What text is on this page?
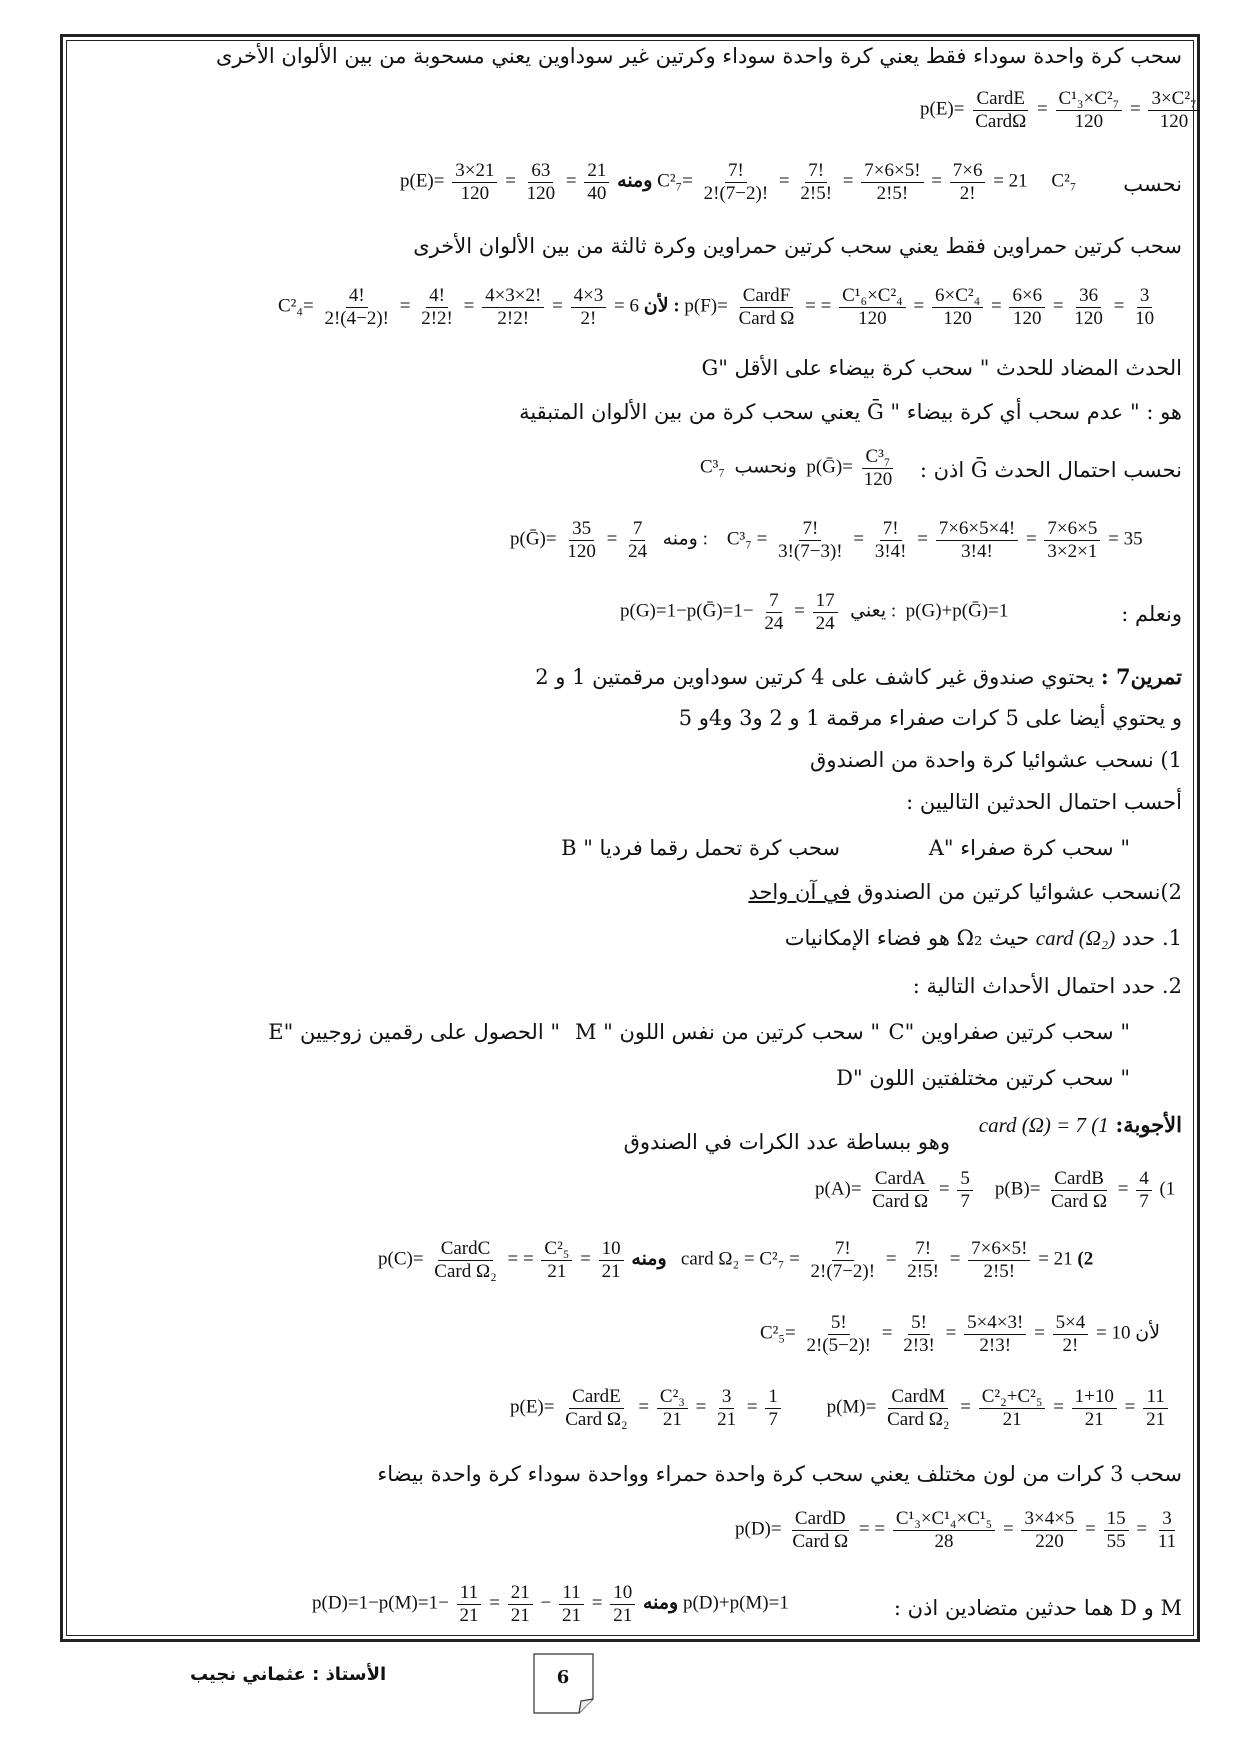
سحب كرة واحدة سوداء فقط يعني كرة واحدة سوداء وكرتين غير سوداوين يعني مسحوبة من بين الألوان الأخرى
$p(E)= \frac{\text{CardE}}{\text{CardΩ}} = \frac{\text{C¹₃×C²₇}}{120} = \frac{\text{3×C²₇}}{120}$
نحسب
$p(E)= \frac{3\times 21}{120} = \frac{63}{120} = \frac{21}{40}$ ومنه $C^2_7= \frac{7!}{2!(7-2)!} = \frac{7!}{2!5!} = \frac{7\times 6\times 5!}{2!5!} = \frac{7\times 6}{2!} = 21$     C²₇
سحب كرتين حمراوين فقط يعني سحب كرتين حمراوين وكرة ثالثة من بين الألوان الأخرى
$C^2_4= \frac{4!}{2!(4-2)!} = \frac{4!}{2!2!} = \frac{4\times 3\times 2!}{2!2!} = \frac{4\times 3}{2!} = 6$ لأن : $p(F)= \frac{\text{CardF}}{\text{Card Ω}}$ = = $\frac{\text{C¹₆×C²₄}}{120} = \frac{\text{6×C²₄}}{120} = \frac{6\times 6}{120} = \frac{36}{120} = \frac{3}{10}$
الحدث المضاد للحدث " سحب كرة بيضاء على الأقل "G
هو : " عدم سحب أي كرة بيضاء " Ḡ يعني سحب كرة من بين الألوان المتبقية
نحسب احتمال الحدث Ḡ اذن :
C³₇  ونحسب p(Ḡ)= $\frac{\text{C³₇}}{120}$
p(Ḡ)= $\frac{35}{120} = \frac{7}{24}$ ومنه :    $C^3_7 = \frac{7!}{3!(7-3)!} = \frac{7!}{3!4!} = \frac{7\times 6\times 5\times 4!}{3!4!} = \frac{7\times 6\times 5}{3\times 2\times 1} = 35$
ونعلم :
p(G)=1−p(Ḡ)=1− $\frac{7}{24} = \frac{17}{24}$ يعني : p(G)+p(Ḡ)=1
تمرين7 : يحتوي صندوق غير كاشف على 4 كرتين سوداوين مرقمتين 1 و 2
و يحتوي أيضا على 5 كرات صفراء مرقمة 1 و 2 و3 و4و 5
1) نسحب عشوائيا كرة واحدة من الصندوق
أحسب احتمال الحدثين التاليين :
" سحب كرة صفراء "A
سحب كرة تحمل رقما فرديا " B
2)نسحب عشوائيا كرتين من الصندوق في آن واحد
1. حدد card (Ω₂) حيث Ω₂ هو فضاء الإمكانيات
2. حدد احتمال الأحداث التالية :
" سحب كرتين صفراوين "C
" سحب كرتين من نفس اللون " M
" الحصول على رقمين زوجيين "E
" سحب كرتين مختلفتين اللون "D
الأجوبة: card (Ω) = 7 (1
وهو ببساطة عدد الكرات في الصندوق
$p(A)= \frac{\text{CardA}}{\text{Card Ω}} = \frac{5}{7} p(B)= \frac{\text{CardB}}{\text{Card Ω}} = \frac{4}{7} (1$
$p(C)= \frac{\text{CardC}}{\text{Card Ω₂}}$ = = $\frac{\text{C²₅}}{21} = \frac{10}{21}$ ومنه card $\Omega_2 = C^2_7 = \frac{7!}{2!(7-2)!} = \frac{7!}{2!5!} = \frac{7\times 6\times 5!}{2!5!} = 21$ (2
$C^2_5= \frac{5!}{2!(5-2)!} = \frac{5!}{2!3!} = \frac{5\times 4\times 3!}{2!3!} = \frac{5\times 4}{2!} = 10$ لأن
$p(E)= \frac{\text{CardE}}{\text{Card Ω₂}} = \frac{\text{C²₃}}{21} = \frac{3}{21} = \frac{1}{7} p(M)= \frac{\text{CardM}}{\text{Card Ω₂}} = \frac{\text{C²₂+C²₅}}{21} = \frac{1+10}{21} = \frac{11}{21}$
سحب 3 كرات من لون مختلف يعني سحب كرة واحدة حمراء وواحدة سوداء كرة واحدة بيضاء
$p(D)= \frac{\text{CardD}}{\text{Card Ω}}$ = = $\frac{\text{C¹₃×C¹₄×C¹₅}}{28} = \frac{3\times 4\times 5}{220} = \frac{15}{55} = \frac{3}{11}$
M و D هما حدثين متضادين اذن :
$p(D)=1-p(M)=1- \frac{11}{21} = \frac{21}{21} - \frac{11}{21} = \frac{10}{21}$ ومنه p(D)+p(M)=1
الأستاذ : عثماني نجيب	6
